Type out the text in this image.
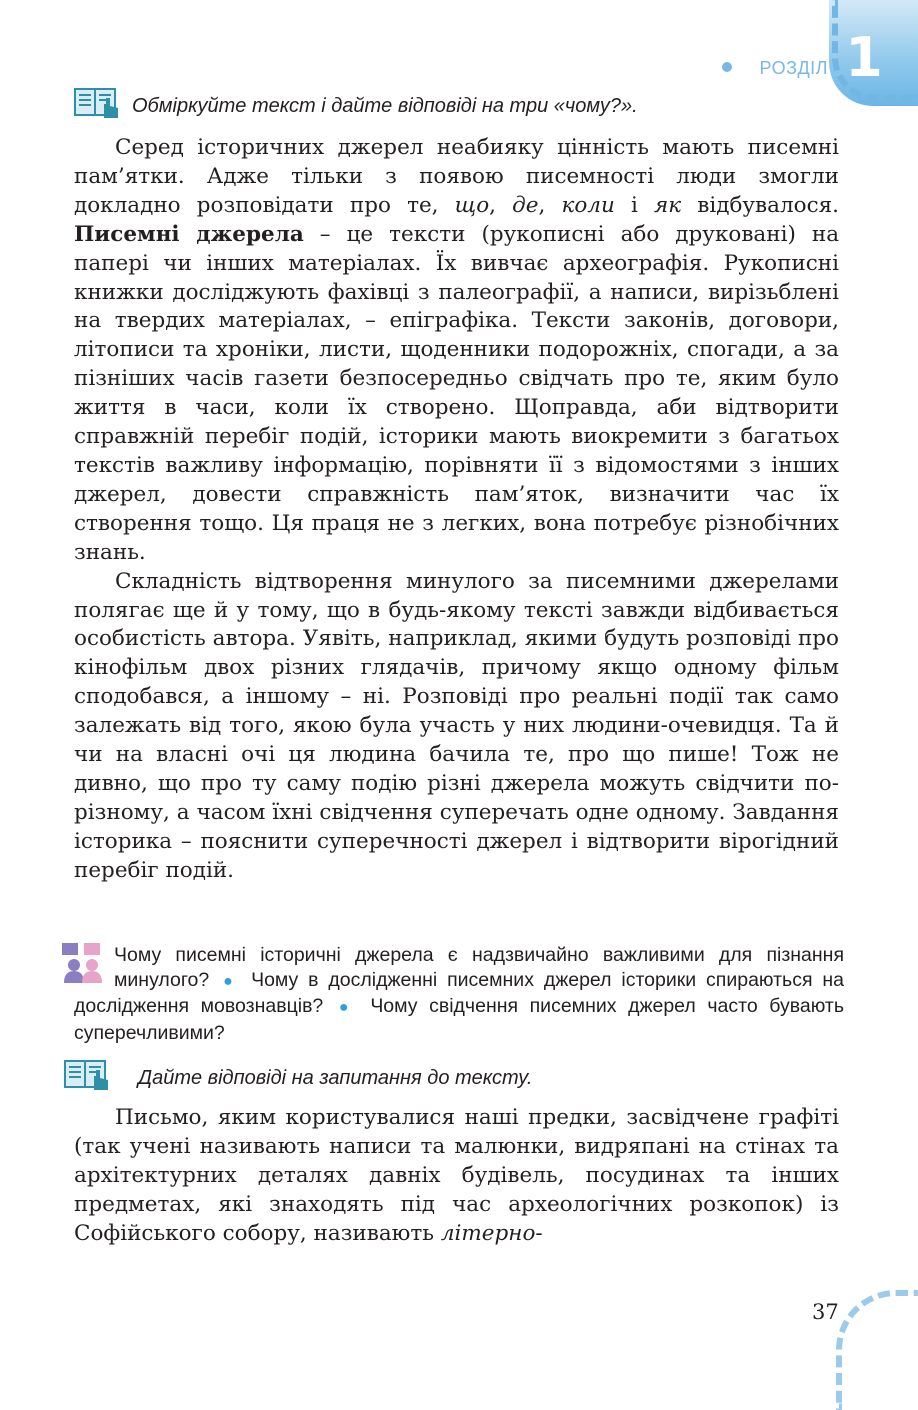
1
РОЗДІЛ
Обміркуйте текст і дайте відповіді на три «чому?».

Серед історичних джерел неабияку цінність мають писемні пам’ятки. Адже тільки з появою писемності люди змогли докладно розповідати про те, що, де, коли і як відбувалося. Писемні джерела – це тексти (рукописні або друковані) на папері чи інших матеріалах. Їх вивчає археографія. Рукописні книжки досліджують фахівці з палеографії, а написи, вирізьблені на твердих матеріалах, – епіграфіка. Тексти законів, договори, літописи та хроніки, листи, щоденники подорожніх, спогади, а за пізніших часів газети безпосередньо свідчать про те, яким було життя в часи, коли їх створено. Щоправда, аби відтворити справжній перебіг подій, історики мають виокремити з багатьох текстів важливу інформацію, порівняти її з відомостями з інших джерел, довести справжність пам’яток, визначити час їх створення тощо. Ця праця не з легких, вона потребує різнобічних знань.

Складність відтворення минулого за писемними джерелами полягає ще й у тому, що в будь-якому тексті завжди відбивається особистість автора. Уявіть, наприклад, якими будуть розповіді про кінофільм двох різних глядачів, причому якщо одному фільм сподобався, а іншому – ні. Розповіді про реальні події так само залежать від того, якою була участь у них людини-очевидця. Та й чи на власні очі ця людина бачила те, про що пише! Тож не дивно, що про ту саму подію різні джерела можуть свідчити по-різному, а часом їхні свідчення суперечать одне одному. Завдання історика – пояснити суперечності джерел і відтворити вірогідний перебіг подій.

Чому писемні історичні джерела є надзвичайно важливими для пізнання минулого? ● Чому в дослідженні писемних джерел історики спираються на дослідження мовознавців? ● Чому свідчення писемних джерел часто бувають суперечливими?
Дайте відповіді на запитання до тексту.

Письмо, яким користувалися наші предки, засвідчене графіті (так учені називають написи та малюнки, видряпані на стінах та архітектурних деталях давніх будівель, посудинах та інших предметах, які знаходять під час археологічних розкопок) із Софійського собору, називають літерно-

37
